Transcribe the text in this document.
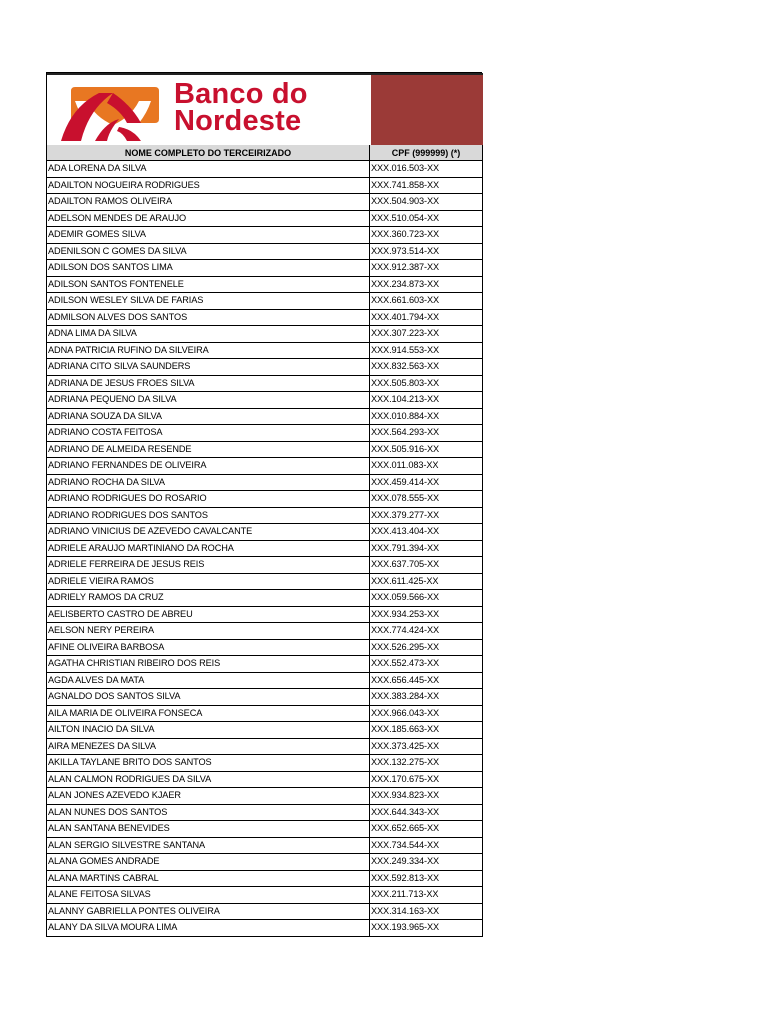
Banco do
Nordeste
NOME COMPLETO DO TERCEIRIZADO	CPF (999999) (*)
ADA LORENA DA SILVA	XXX.016.503-XX
ADAILTON NOGUEIRA RODRIGUES	XXX.741.858-XX
ADAILTON RAMOS OLIVEIRA	XXX.504.903-XX
ADELSON MENDES DE ARAUJO	XXX.510.054-XX
ADEMIR GOMES SILVA	XXX.360.723-XX
ADENILSON C GOMES DA SILVA	XXX.973.514-XX
ADILSON DOS SANTOS LIMA	XXX.912.387-XX
ADILSON SANTOS FONTENELE	XXX.234.873-XX
ADILSON WESLEY SILVA DE FARIAS	XXX.661.603-XX
ADMILSON ALVES DOS SANTOS	XXX.401.794-XX
ADNA LIMA DA SILVA	XXX.307.223-XX
ADNA PATRICIA RUFINO DA SILVEIRA	XXX.914.553-XX
ADRIANA CITO SILVA SAUNDERS	XXX.832.563-XX
ADRIANA DE JESUS FROES SILVA	XXX.505.803-XX
ADRIANA PEQUENO DA SILVA	XXX.104.213-XX
ADRIANA SOUZA DA SILVA	XXX.010.884-XX
ADRIANO COSTA FEITOSA	XXX.564.293-XX
ADRIANO DE ALMEIDA RESENDE	XXX.505.916-XX
ADRIANO FERNANDES DE OLIVEIRA	XXX.011.083-XX
ADRIANO ROCHA DA SILVA	XXX.459.414-XX
ADRIANO RODRIGUES DO ROSARIO	XXX.078.555-XX
ADRIANO RODRIGUES DOS SANTOS	XXX.379.277-XX
ADRIANO VINICIUS DE AZEVEDO CAVALCANTE	XXX.413.404-XX
ADRIELE ARAUJO MARTINIANO DA ROCHA	XXX.791.394-XX
ADRIELE FERREIRA DE JESUS REIS	XXX.637.705-XX
ADRIELE VIEIRA RAMOS	XXX.611.425-XX
ADRIELY RAMOS DA CRUZ	XXX.059.566-XX
AELISBERTO CASTRO DE ABREU	XXX.934.253-XX
AELSON NERY PEREIRA	XXX.774.424-XX
AFINE OLIVEIRA BARBOSA	XXX.526.295-XX
AGATHA CHRISTIAN RIBEIRO DOS REIS	XXX.552.473-XX
AGDA ALVES DA MATA	XXX.656.445-XX
AGNALDO DOS SANTOS SILVA	XXX.383.284-XX
AILA MARIA DE OLIVEIRA FONSECA	XXX.966.043-XX
AILTON INACIO DA SILVA	XXX.185.663-XX
AIRA MENEZES DA SILVA	XXX.373.425-XX
AKILLA TAYLANE BRITO DOS SANTOS	XXX.132.275-XX
ALAN CALMON RODRIGUES DA SILVA	XXX.170.675-XX
ALAN JONES AZEVEDO KJAER	XXX.934.823-XX
ALAN NUNES DOS SANTOS	XXX.644.343-XX
ALAN SANTANA BENEVIDES	XXX.652.665-XX
ALAN SERGIO SILVESTRE SANTANA	XXX.734.544-XX
ALANA GOMES ANDRADE	XXX.249.334-XX
ALANA MARTINS CABRAL	XXX.592.813-XX
ALANE FEITOSA SILVAS	XXX.211.713-XX
ALANNY GABRIELLA PONTES OLIVEIRA	XXX.314.163-XX
ALANY DA SILVA MOURA LIMA	XXX.193.965-XX
